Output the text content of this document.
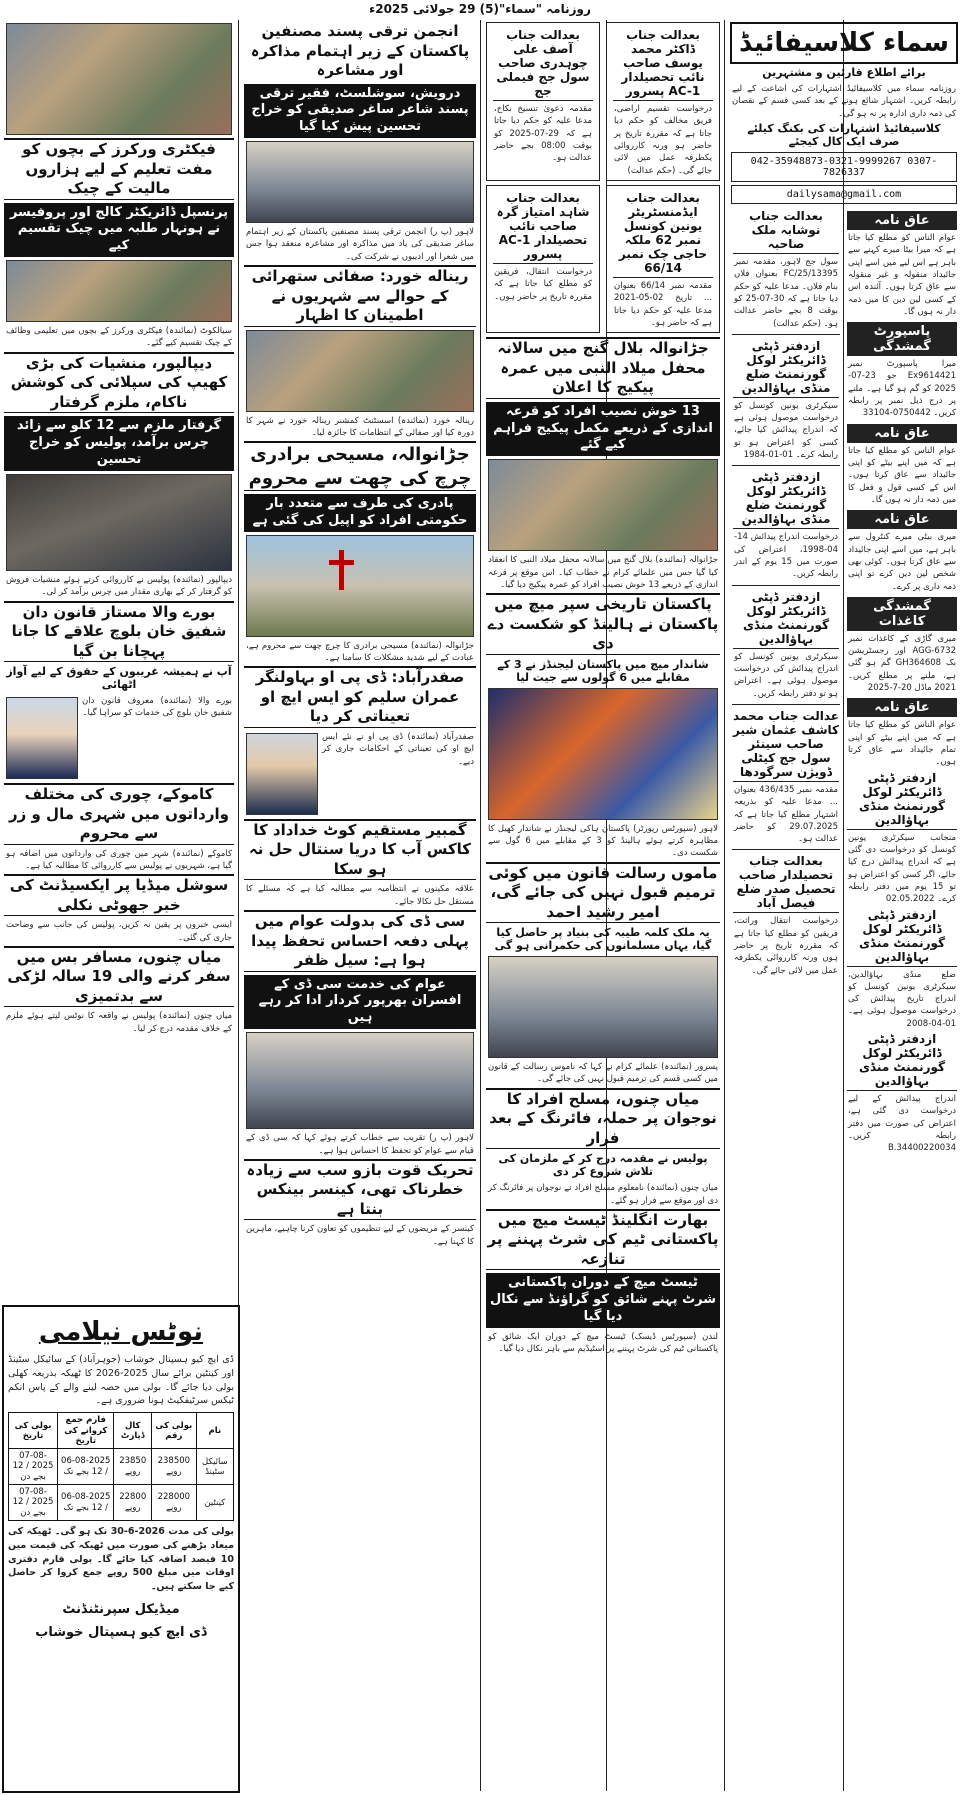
روزنامہ "سماء"(5) 29 جولائی 2025ء
سماء کلاسیفائیڈ
برائے اطلاع قارئین و مشتہرین
روزنامہ سماء میں کلاسیفائیڈ اشتہارات کی اشاعت کے لیے رابطہ کریں۔ اشتہار شائع ہونے کے بعد کسی قسم کے نقصان کی ذمہ داری ادارہ پر نہ ہو گی۔
کلاسیفائیڈ اشتہارات کی بکنگ کیلئے صرف ایک کال کیجئے
042-35948873-0321-9999267 0307-7826337
dailysama@gmail.com
عاق نامہ
عوام الناس کو مطلع کیا جاتا ہے کہ میرا بیٹا میرے کہنے سے باہر ہے اس لیے میں اسے اپنی جائیداد منقولہ و غیر منقولہ سے عاق کرتا ہوں۔ آئندہ اس کے کسی لین دین کا میں ذمہ دار نہ ہوں گا۔
پاسپورٹ گمشدگی
میرا پاسپورٹ نمبر Ex9614421 جو 23-07-2025 کو گم ہو گیا ہے۔ ملنے پر درج ذیل نمبر پر رابطہ کریں۔ 0750442-33104
عاق نامہ
عوام الناس کو مطلع کیا جاتا ہے کہ میں اپنے بیٹے کو اپنی جائیداد سے عاق کرتا ہوں۔ اس کے کسی قول و فعل کا میں ذمہ دار نہ ہوں گا۔
عاق نامہ
میری بیٹی میرے کنٹرول سے باہر ہے، میں اسے اپنی جائیداد سے عاق کرتا ہوں۔ کوئی بھی شخص لین دین کرے تو اپنی ذمہ داری پر کرے۔
گمشدگی کاغذات
میری گاڑی کے کاغذات نمبر AGG-6732 اور رجسٹریشن بک GH364608 گم ہو گئی ہے، ملنے پر مطلع کریں۔ 2021 ماڈل 20-7-2025
عاق نامہ
عوام الناس کو مطلع کیا جاتا ہے کہ میں اپنے بیٹے کو اپنی تمام جائیداد سے عاق کرتا ہوں۔
ازدفتر ڈپٹی ڈائریکٹر لوکل گورنمنٹ منڈی بہاؤالدین
منجانب سیکرٹری یونین کونسل کو درخواست دی گئی ہے کہ اندراج پیدائش درج کیا جائے، اگر کسی کو اعتراض ہو تو 15 یوم میں دفتر رابطہ کرے۔ 02.05.2022
ازدفتر ڈپٹی ڈائریکٹر لوکل گورنمنٹ منڈی بہاؤالدین
ضلع منڈی بہاؤالدین، سیکرٹری یونین کونسل کو اندراج تاریخ پیدائش کی درخواست موصول ہوئی ہے۔ 01-04-2008
ازدفتر ڈپٹی ڈائریکٹر لوکل گورنمنٹ منڈی بہاؤالدین
اندراج پیدائش کے لیے درخواست دی گئی ہے، اعتراض کی صورت میں دفتر رابطہ کریں۔ B.34400220034
بعدالت جناب نوشابہ ملک صاحبہ
سول جج لاہور، مقدمہ نمبر 13395/FC/25 بعنوان فلاں بنام فلاں۔ مدعا علیہ کو حکم دیا جاتا ہے کہ 30-07-25 کو بوقت 8 بجے حاضر عدالت ہو۔ (حکم عدالت)
ازدفتر ڈپٹی ڈائریکٹر لوکل گورنمنٹ ضلع منڈی بہاؤالدین
سیکرٹری یونین کونسل کو درخواست موصول ہوئی ہے کہ اندراج پیدائش کیا جائے، کسی کو اعتراض ہو تو رابطہ کرے۔ 01-01-1984
ازدفتر ڈپٹی ڈائریکٹر لوکل گورنمنٹ ضلع منڈی بہاؤالدین
درخواست اندراج پیدائش 14-04-1998، اعتراض کی صورت میں 15 یوم کے اندر رابطہ کریں۔
ازدفتر ڈپٹی ڈائریکٹر لوکل گورنمنٹ منڈی بہاؤالدین
سیکرٹری یونین کونسل کو اندراج پیدائش کی درخواست موصول ہوئی ہے۔ اعتراض ہو تو دفتر رابطہ کریں۔
عدالت جناب محمد کاشف عثمان شیر صاحب سینئر سول جج کیٹلی ڈویژن سرگودھا
مقدمہ نمبر 436/435 بعنوان ... مدعا علیہ کو بذریعہ اشتہار مطلع کیا جاتا ہے کہ 29.07.2025 کو حاضر عدالت ہو۔
بعدالت جناب تحصیلدار صاحب تحصیل صدر ضلع فیصل آباد
درخواست انتقال وراثت، فریقین کو مطلع کیا جاتا ہے کہ مقررہ تاریخ پر حاضر ہوں ورنہ کارروائی یکطرفہ عمل میں لائی جائے گی۔
بعدالت جناب ڈاکٹر محمد یوسف صاحب نائب تحصیلدار AC-1 پسرور
درخواست تقسیم اراضی، فریق مخالف کو حکم دیا جاتا ہے کہ مقررہ تاریخ پر حاضر ہو ورنہ کارروائی یکطرفہ عمل میں لائی جائے گی۔ (حکم عدالت)
بعدالت جناب آصف علی چوہدری صاحب سول جج فیملی جج
مقدمہ دعویٰ تنسیخ نکاح، مدعا علیہ کو حکم دیا جاتا ہے کہ 29-07-2025 کو بوقت 08:00 بجے حاضر عدالت ہو۔
بعدالت جناب ایڈمنسٹریٹر یونین کونسل نمبر 62 ملکہ حاجی چک نمبر 66/14
مقدمہ نمبر 66/14 بعنوان ... تاریخ 02-05-2021 مدعا علیہ کو حکم دیا جاتا ہے کہ حاضر ہو۔
بعدالت جناب شاہد امتیاز گرہ صاحب نائب تحصیلدار AC-1 پسرور
درخواست انتقال، فریقین کو مطلع کیا جاتا ہے کہ مقررہ تاریخ پر حاضر ہوں۔
جڑانوالہ بلال گنج میں سالانہ محفل میلاد النبی میں عمرہ پیکیج کا اعلان
13 خوش نصیب افراد کو قرعہ اندازی کے ذریعے مکمل پیکیج فراہم کیے گئے
جڑانوالہ (نمائندہ) بلال گنج میں سالانہ محفل میلاد النبی کا انعقاد کیا گیا جس میں علمائے کرام نے خطاب کیا۔ اس موقع پر قرعہ اندازی کے ذریعے 13 خوش نصیب افراد کو عمرہ پیکیج دیا گیا۔
پاکستان تاریخی سپر میچ میں پاکستان نے ہالینڈ کو شکست دے دی
شاندار میچ میں پاکستان لیجنڈز نے 3 کے مقابلے میں 6 گولوں سے جیت لیا
لاہور (سپورٹس رپورٹر) پاکستان ہاکی لیجنڈز نے شاندار کھیل کا مظاہرہ کرتے ہوئے ہالینڈ کو 3 کے مقابلے میں 6 گول سے شکست دی۔
ماموں رسالت قانون میں کوئی ترمیم قبول نہیں کی جائے گی، امیر رشید احمد
یہ ملک کلمہ طیبہ کی بنیاد پر حاصل کیا گیا، یہاں مسلمانوں کی حکمرانی ہو گی
پسرور (نمائندہ) علمائے کرام نے کہا کہ ناموس رسالت کے قانون میں کسی قسم کی ترمیم قبول نہیں کی جائے گی۔
میاں چنوں، مسلح افراد کا نوجوان پر حملہ، فائرنگ کے بعد فرار
پولیس نے مقدمہ درج کر کے ملزمان کی تلاش شروع کر دی
میاں چنوں (نمائندہ) نامعلوم مسلح افراد نے نوجوان پر فائرنگ کر دی اور موقع سے فرار ہو گئے۔
بھارت انگلینڈ ٹیسٹ میچ میں پاکستانی ٹیم کی شرٹ پہننے پر تنازعہ
ٹیسٹ میچ کے دوران پاکستانی شرٹ پہنے شائق کو گراؤنڈ سے نکال دیا گیا
لندن (سپورٹس ڈیسک) ٹیسٹ میچ کے دوران ایک شائق کو پاکستانی ٹیم کی شرٹ پہننے پر اسٹیڈیم سے باہر نکال دیا گیا۔
انجمن ترقی پسند مصنفین پاکستان کے زیر اہتمام مذاکرہ اور مشاعرہ
درویش، سوشلسٹ، فقیر ترقی پسند شاعر ساغر صدیقی کو خراج تحسین پیش کیا گیا
لاہور (پ ر) انجمن ترقی پسند مصنفین پاکستان کے زیر اہتمام ساغر صدیقی کی یاد میں مذاکرہ اور مشاعرہ منعقد ہوا جس میں شعرا اور ادیبوں نے شرکت کی۔
ریناله خورد: صفائی ستھرائی کے حوالے سے شہریوں نے اطمینان کا اظہار
رینالہ خورد (نمائندہ) اسسٹنٹ کمشنر رینالہ خورد نے شہر کا دورہ کیا اور صفائی کے انتظامات کا جائزہ لیا۔
جڑانوالہ، مسیحی برادری چرچ کی چھت سے محروم
پادری کی طرف سے متعدد بار حکومتی افراد کو اپیل کی گئی ہے
جڑانوالہ (نمائندہ) مسیحی برادری کا چرچ چھت سے محروم ہے، عبادت کے لیے شدید مشکلات کا سامنا ہے۔
صفدرآباد: ڈی پی او بہاولنگر عمران سلیم کو ایس ایچ او تعیناتی کر دیا
صفدرآباد (نمائندہ) ڈی پی او نے نئے ایس ایچ او کی تعیناتی کے احکامات جاری کر دیے۔
گمبیر مستقیم کوٹ خداداد کا کاکس آب کا دریا سنتال حل نہ ہو سکا
علاقہ مکینوں نے انتظامیہ سے مطالبہ کیا ہے کہ مسئلے کا مستقل حل نکالا جائے۔
سی ڈی کی بدولت عوام میں پہلی دفعہ احساس تحفظ پیدا ہوا ہے: سیل ظفر
عوام کی خدمت سی ڈی کے افسران بھرپور کردار ادا کر رہے ہیں
لاہور (پ ر) تقریب سے خطاب کرتے ہوئے کہا کہ سی ڈی کے قیام سے عوام کو تحفظ کا احساس ہوا ہے۔
تحریک قوت بازو سب سے زیادہ خطرناک تھی، کینسر بینکس بنتا ہے
کینسر کے مریضوں کے لیے تنظیموں کو تعاون کرنا چاہیے، ماہرین کا کہنا ہے۔
فیکٹری ورکرز کے بچوں کو مفت تعلیم کے لیے ہزاروں مالیت کے چیک
پرنسپل ڈائریکٹر کالج اور پروفیسر نے ہونہار طلبہ میں چیک تقسیم کیے
سیالکوٹ (نمائندہ) فیکٹری ورکرز کے بچوں میں تعلیمی وظائف کے چیک تقسیم کیے گئے۔
دیپالپور، منشیات کی بڑی کھیپ کی سپلائی کی کوشش ناکام، ملزم گرفتار
گرفتار ملزم سے 12 کلو سے زائد چرس برآمد، پولیس کو خراج تحسین
دیپالپور (نمائندہ) پولیس نے کارروائی کرتے ہوئے منشیات فروش کو گرفتار کر کے بھاری مقدار میں چرس برآمد کر لی۔
بورے والا مستاز قانون دان شفیق خان بلوچ علاقے کا جانا پہچانا بن گیا
آپ نے ہمیشہ غریبوں کے حقوق کے لیے آواز اٹھائی
بورے والا (نمائندہ) معروف قانون دان شفیق خان بلوچ کی خدمات کو سراہا گیا۔
کاموکے، چوری کی مختلف وارداتوں میں شہری مال و زر سے محروم
کاموکے (نمائندہ) شہر میں چوری کی وارداتوں میں اضافہ ہو گیا ہے، شہریوں نے پولیس سے کارروائی کا مطالبہ کیا ہے۔
سوشل میڈیا پر ایکسیڈنٹ کی خبر جھوٹی نکلی
ایسی خبروں پر یقین نہ کریں، پولیس کی جانب سے وضاحت جاری کی گئی۔
میاں چنوں، مسافر بس میں سفر کرنے والی 19 سالہ لڑکی سے بدتمیزی
میاں چنوں (نمائندہ) پولیس نے واقعہ کا نوٹس لیتے ہوئے ملزم کے خلاف مقدمہ درج کر لیا۔
نوٹس نیلامی
ڈی ایچ کیو ہسپتال خوشاب (جوہرآباد) کے سائیکل سٹینڈ اور کینٹین برائے سال 2025-2026 کا ٹھیکہ بذریعہ کھلی بولی دیا جائے گا۔ بولی میں حصہ لینے والے کے پاس انکم ٹیکس سرٹیفکیٹ ہونا ضروری ہے۔
نام	بولی کی رقم	کال ڈپازٹ	فارم جمع کروانے کی تاریخ	بولی کی تاریخ
سائیکل سٹینڈ	238500 روپے	23850 روپے	06-08-2025 / 12 بجے تک	07-08-2025 / 12 بجے دن
کینٹین	228000 روپے	22800 روپے	06-08-2025 / 12 بجے تک	07-08-2025 / 12 بجے دن
بولی کی مدت 2026-6-30 تک ہو گی۔ ٹھیکہ کی میعاد بڑھنے کی صورت میں ٹھیکہ کی قیمت میں 10 فیصد اضافہ کیا جائے گا۔ بولی فارم دفتری اوقات میں مبلغ 500 روپے جمع کروا کر حاصل کیے جا سکتے ہیں۔
میڈیکل سپرنٹنڈنٹ
ڈی ایچ کیو ہسپتال خوشاب
